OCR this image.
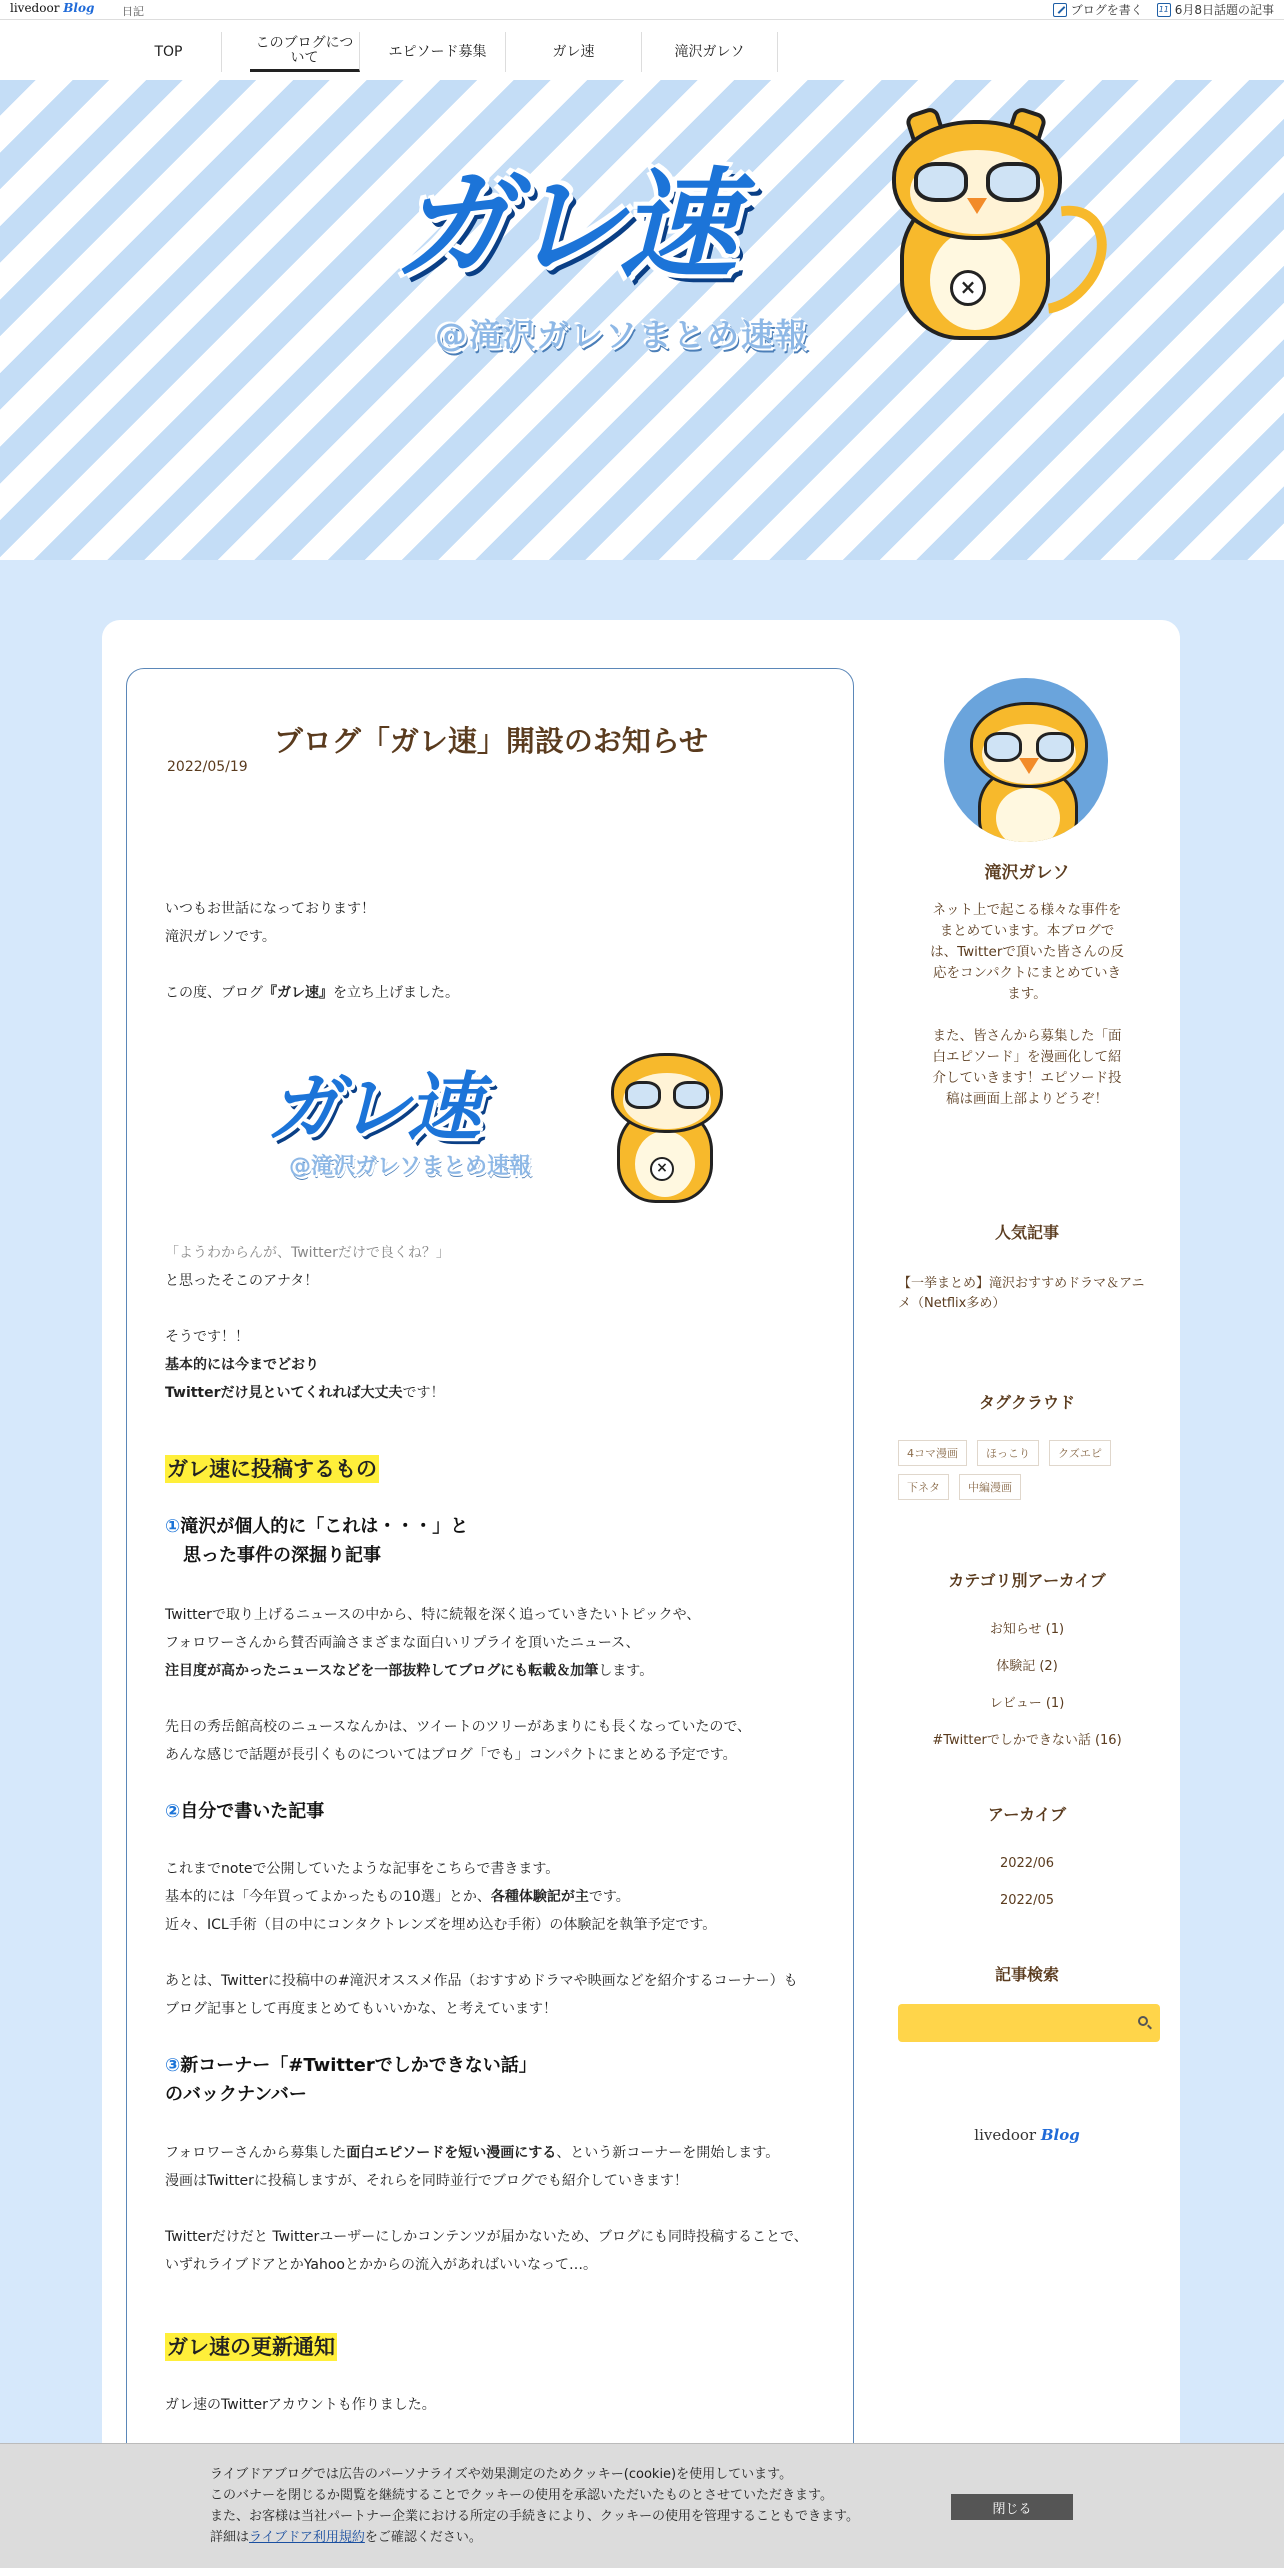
livedoor Blog	日記	ブログを書く
11	6月8日話題の記事
TOP
このブログについて	エピソード募集	ガレ速	滝沢ガレソ
ガレ速
@滝沢ガレソまとめ速報
×
ブログ「ガレ速」開設のお知らせ
2022/05/19
いつもお世話になっております！
滝沢ガレソです。
この度、ブログ『ガレ速』を立ち上げました。
ガレ速
@滝沢ガレソまとめ速報	×
「ようわからんが、Twitterだけで良くね？」
と思ったそこのアナタ！
そうです！！
基本的には今までどおり
Twitterだけ見といてくれれば大丈夫です！
ガレ速に投稿するもの
①滝沢が個人的に「これは・・・」と
思った事件の深掘り記事
Twitterで取り上げるニュースの中から、特に続報を深く追っていきたいトピックや、
フォロワーさんから賛否両論さまざまな面白いリプライを頂いたニュース、
注目度が高かったニュースなどを一部抜粋してブログにも転載＆加筆します。
先日の秀岳館高校のニュースなんかは、ツイートのツリーがあまりにも長くなっていたので、
あんな感じで話題が長引くものについてはブログ「でも」コンパクトにまとめる予定です。
②自分で書いた記事
これまでnoteで公開していたような記事をこちらで書きます。
基本的には「今年買ってよかったもの10選」とか、各種体験記が主です。
近々、ICL手術（目の中にコンタクトレンズを埋め込む手術）の体験記を執筆予定です。
あとは、Twitterに投稿中の#滝沢オススメ作品（おすすめドラマや映画などを紹介するコーナー）も
ブログ記事として再度まとめてもいいかな、と考えています！
③新コーナー「#Twitterでしかできない話」
のバックナンバー
フォロワーさんから募集した面白エピソードを短い漫画にする、という新コーナーを開始します。
漫画はTwitterに投稿しますが、それらを同時並行でブログでも紹介していきます！
Twitterだけだと Twitterユーザーにしかコンテンツが届かないため、ブログにも同時投稿することで、
いずれライブドアとかYahooとかからの流入があればいいなって…。
ガレ速の更新通知
ガレ速のTwitterアカウントも作りました。
滝沢ガレソ
ネット上で起こる様々な事件をまとめています。本ブログでは、Twitterで頂いた皆さんの反応をコンパクトにまとめていきます。

また、皆さんから募集した「面白エピソード」を漫画化して紹介していきます！エピソード投稿は画面上部よりどうぞ！
人気記事
【一挙まとめ】滝沢おすすめドラマ＆アニメ（Netflix多め）
タグクラウド
4コマ漫画	ほっこり	クズエピ
下ネタ	中編漫画
カテゴリ別アーカイブ
お知らせ (1)
体験記 (2)
レビュー (1)
#Twitterでしかできない話 (16)
アーカイブ
2022/06
2022/05
記事検索
livedoor Blog
ライブドアブログでは広告のパーソナライズや効果測定のためクッキー(cookie)を使用しています。
このバナーを閉じるか閲覧を継続することでクッキーの使用を承認いただいたものとさせていただきます。
また、お客様は当社パートナー企業における所定の手続きにより、クッキーの使用を管理することもできます。
詳細はライブドア利用規約をご確認ください。
閉じる
